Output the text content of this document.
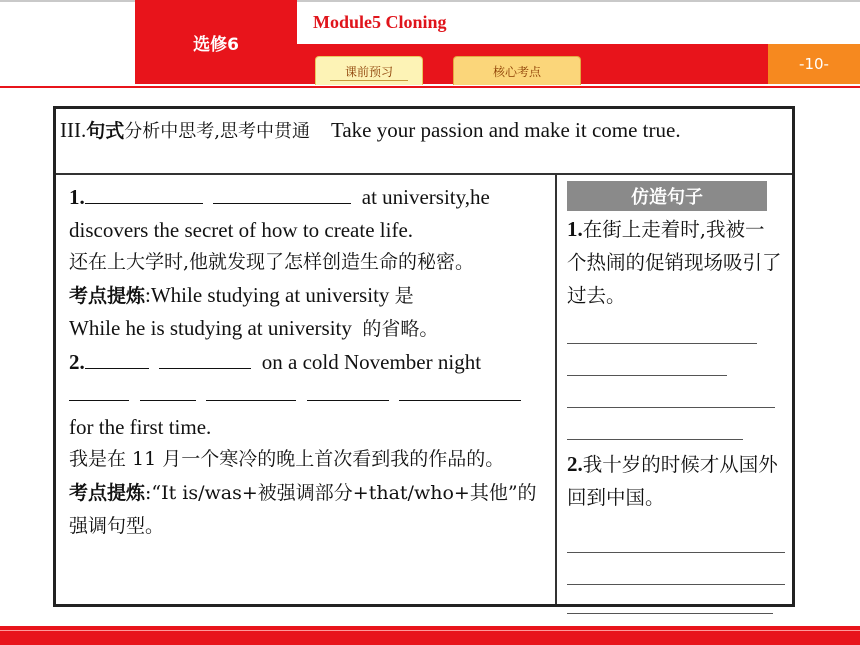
选修6
Module5 Cloning
-10-
课前预习	核心考点
III.句式分析中思考,思考中贯通 Take your passion and make it come true.
1.	at university,he
discovers the secret of how to create life.
还在上大学时,他就发现了怎样创造生命的秘密。
考点提炼:While studying at university 是
While he is studying at university 的省略。
2.	on a cold November night

for the first time.
我是在 11 月一个寒冷的晚上首次看到我的作品的。
考点提炼:“It is/was+被强调部分+that/who+其他”的强调句型。
仿造句子
1.在街上走着时,我被一个热闹的促销现场吸引了过去。
2.我十岁的时候才从国外回到中国。
